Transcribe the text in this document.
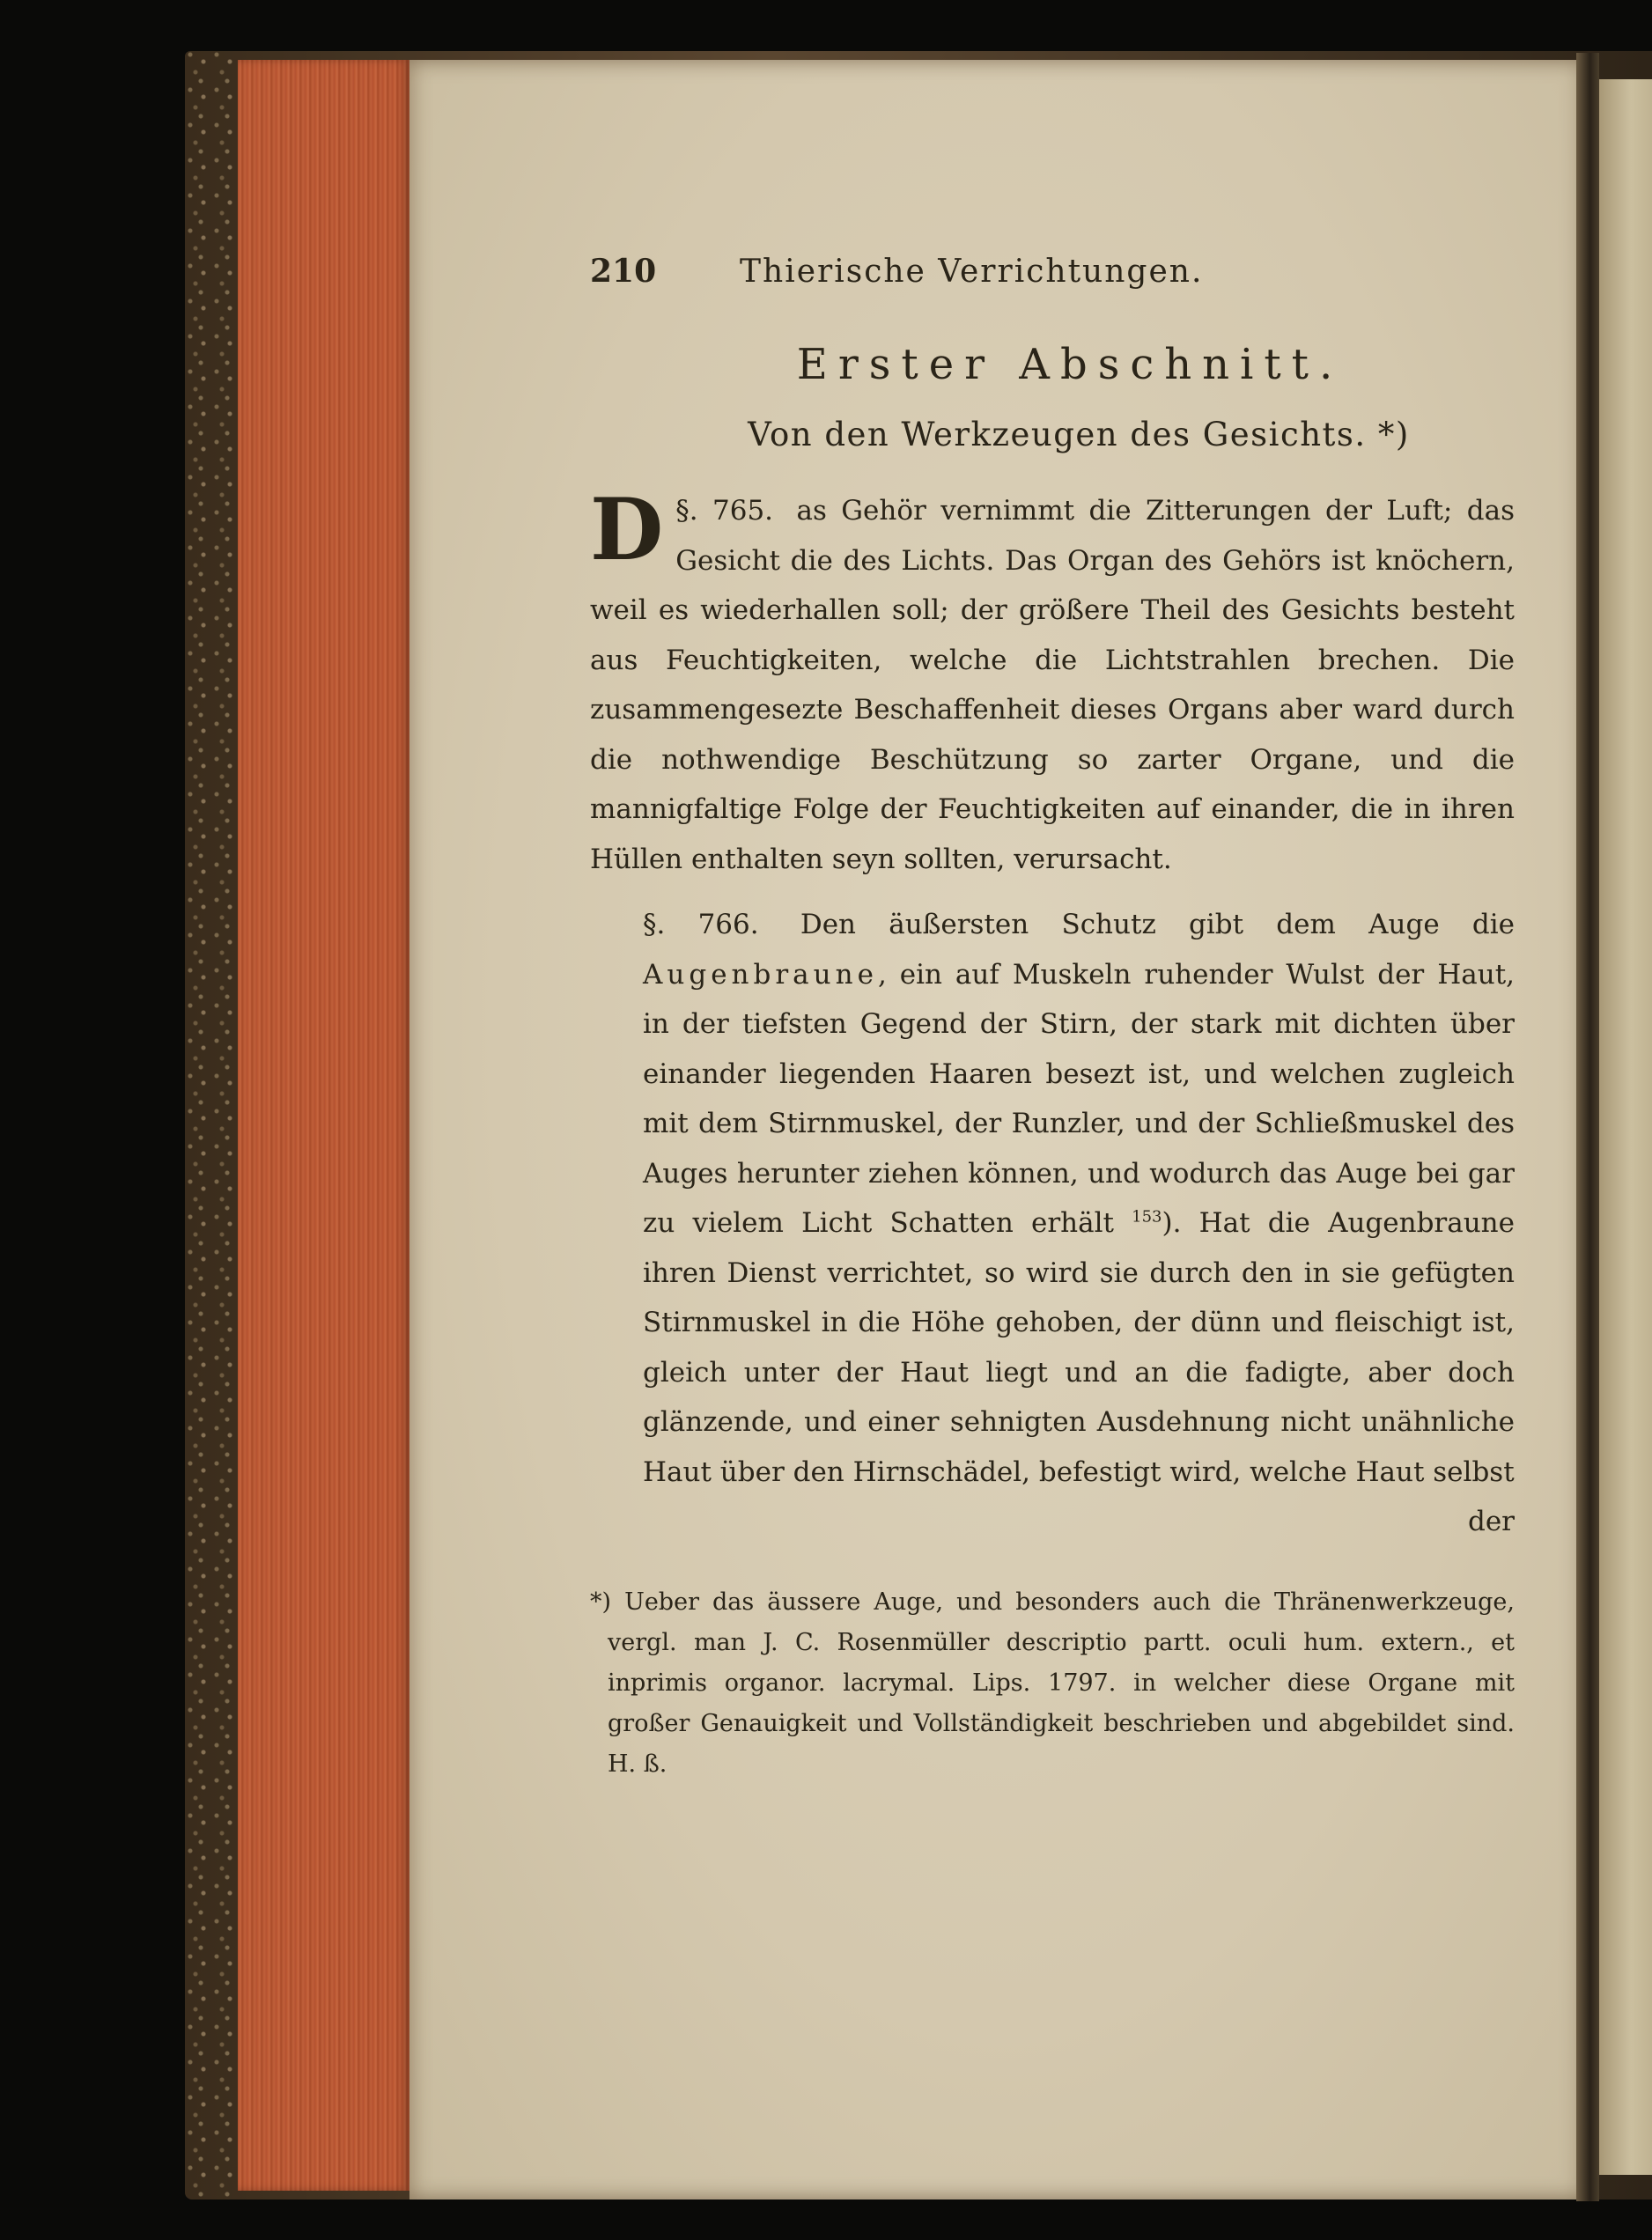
210	Thierische Verrichtungen.
Erster Abschnitt.
Von den Werkzeugen des Gesichts. *)

§. 765.
D	as Gehör vernimmt die Zitterungen der Luft; das Gesicht die des Lichts. Das Organ des Gehörs ist knöchern, weil es wiederhallen soll; der größere Theil des Gesichts besteht aus Feuchtigkeiten, welche die Lichtstrahlen brechen. Die zusammengesezte Beschaffenheit dieses Organs aber ward durch die nothwendige Beschützung so zarter Organe, und die mannigfaltige Folge der Feuchtigkeiten auf einander, die in ihren Hüllen enthalten seyn sollten, verursacht.

§. 766. Den äußersten Schutz gibt dem Auge die Augenbraune, ein auf Muskeln ruhender Wulst der Haut, in der tiefsten Gegend der Stirn, der stark mit dichten über einander liegenden Haaren besezt ist, und welchen zugleich mit dem Stirnmuskel, der Runzler, und der Schließmuskel des Auges herunter ziehen können, und wodurch das Auge bei gar zu vielem Licht Schatten erhält $^{153}$). Hat die Augenbraune ihren Dienst verrichtet, so wird sie durch den in sie gefügten Stirnmuskel in die Höhe gehoben, der dünn und fleischigt ist, gleich unter der Haut liegt und an die fadigte, aber doch glänzende, und einer sehnigten Ausdehnung nicht unähnliche Haut über den Hirnschädel, befestigt wird, welche Haut selbst

der
*) Ueber das äussere Auge, und besonders auch die Thränenwerkzeuge, vergl. man J. C. Rosenmüller descriptio partt. oculi hum. extern., et inprimis organor. lacrymal. Lips. 1797. in welcher diese Organe mit großer Genauigkeit und Vollständigkeit beschrieben und abgebildet sind. H. ß.
